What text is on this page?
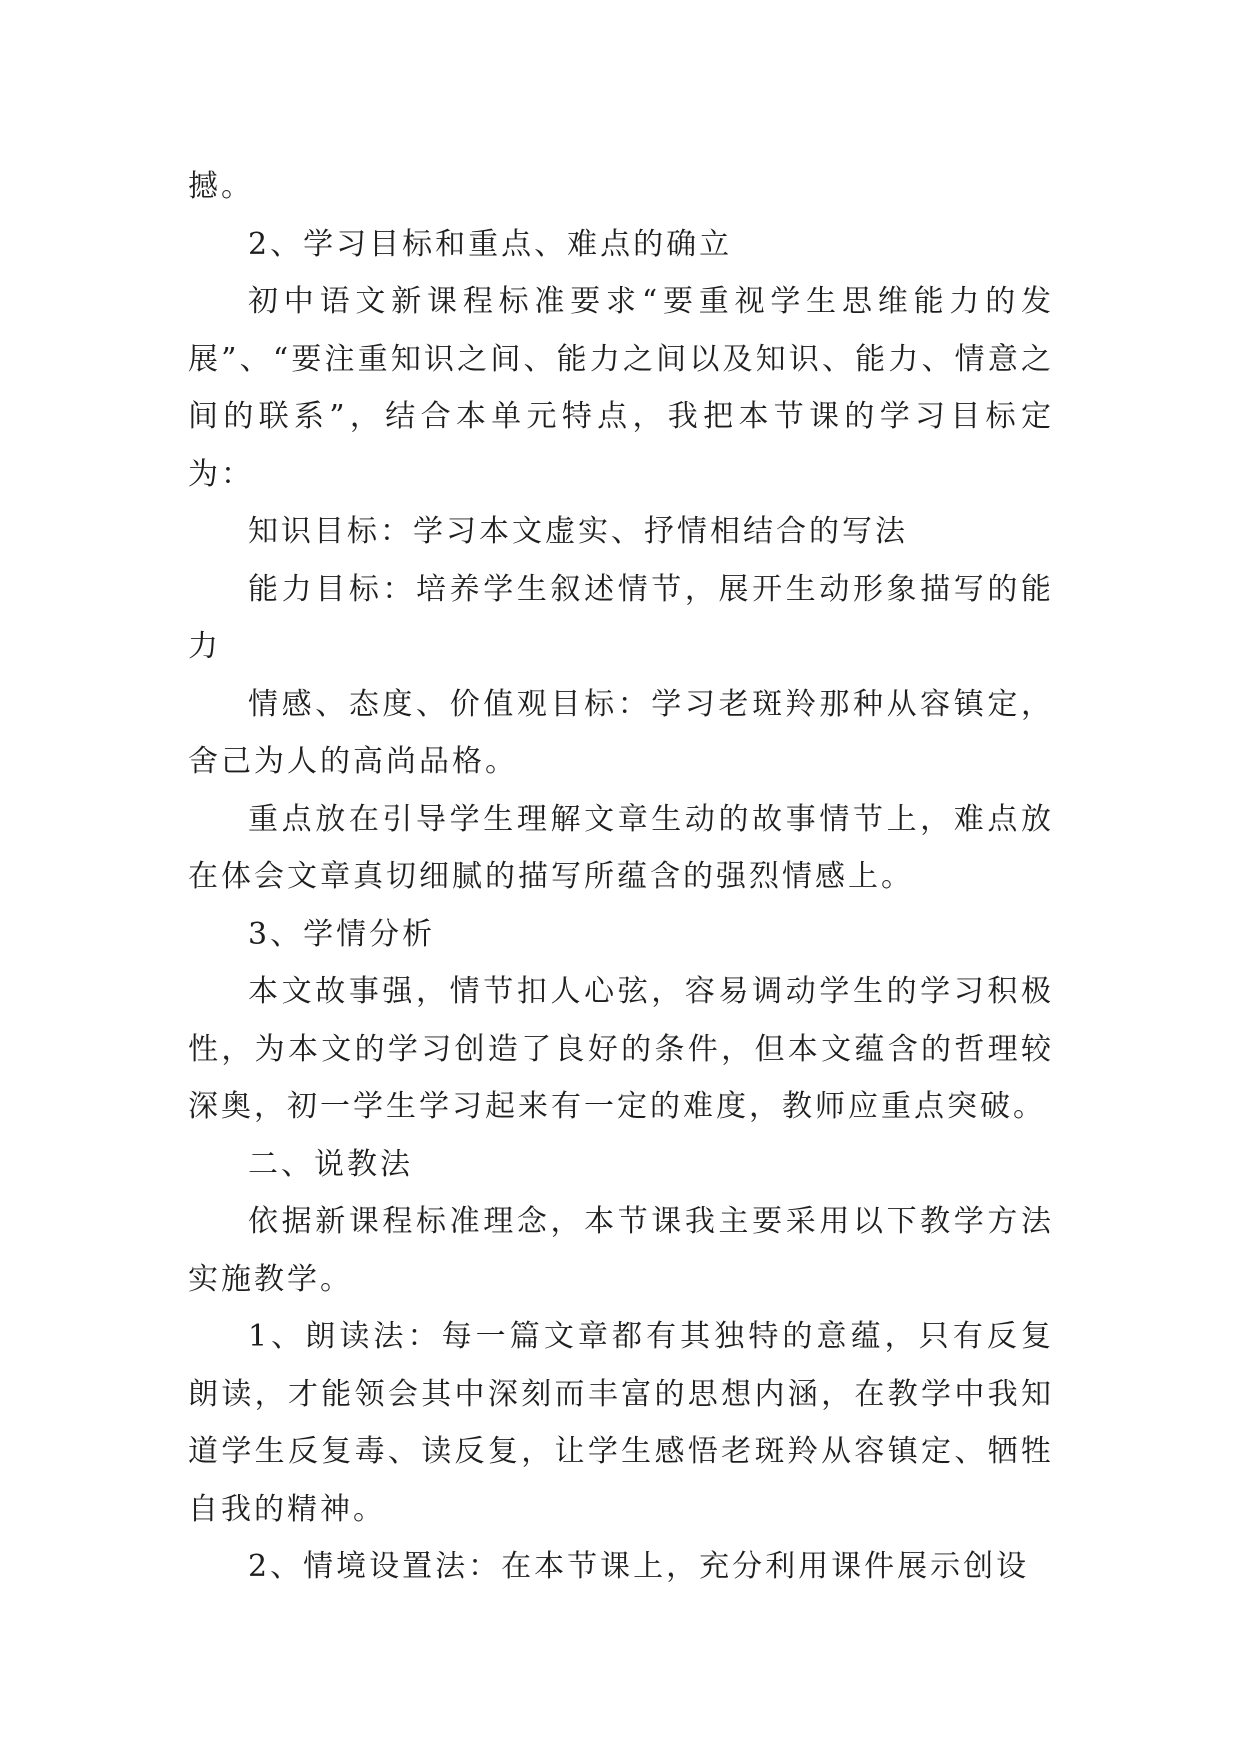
撼。

2、学习目标和重点、难点的确立

初中语文新课程标准要求“要重视学生思维能力的发展”、“要注重知识之间、能力之间以及知识、能力、情意之间的联系”，结合本单元特点，我把本节课的学习目标定为：

知识目标：学习本文虚实、抒情相结合的写法

能力目标：培养学生叙述情节，展开生动形象描写的能力

情感、态度、价值观目标：学习老斑羚那种从容镇定，舍己为人的高尚品格。

重点放在引导学生理解文章生动的故事情节上，难点放在体会文章真切细腻的描写所蕴含的强烈情感上。

3、学情分析

本文故事强，情节扣人心弦，容易调动学生的学习积极性，为本文的学习创造了良好的条件，但本文蕴含的哲理较深奥，初一学生学习起来有一定的难度，教师应重点突破。

二、说教法

依据新课程标准理念，本节课我主要采用以下教学方法实施教学。

1、朗读法：每一篇文章都有其独特的意蕴，只有反复朗读，才能领会其中深刻而丰富的思想内涵，在教学中我知道学生反复毒、读反复，让学生感悟老斑羚从容镇定、牺牲自我的精神。

2、情境设置法：在本节课上，充分利用课件展示创设
